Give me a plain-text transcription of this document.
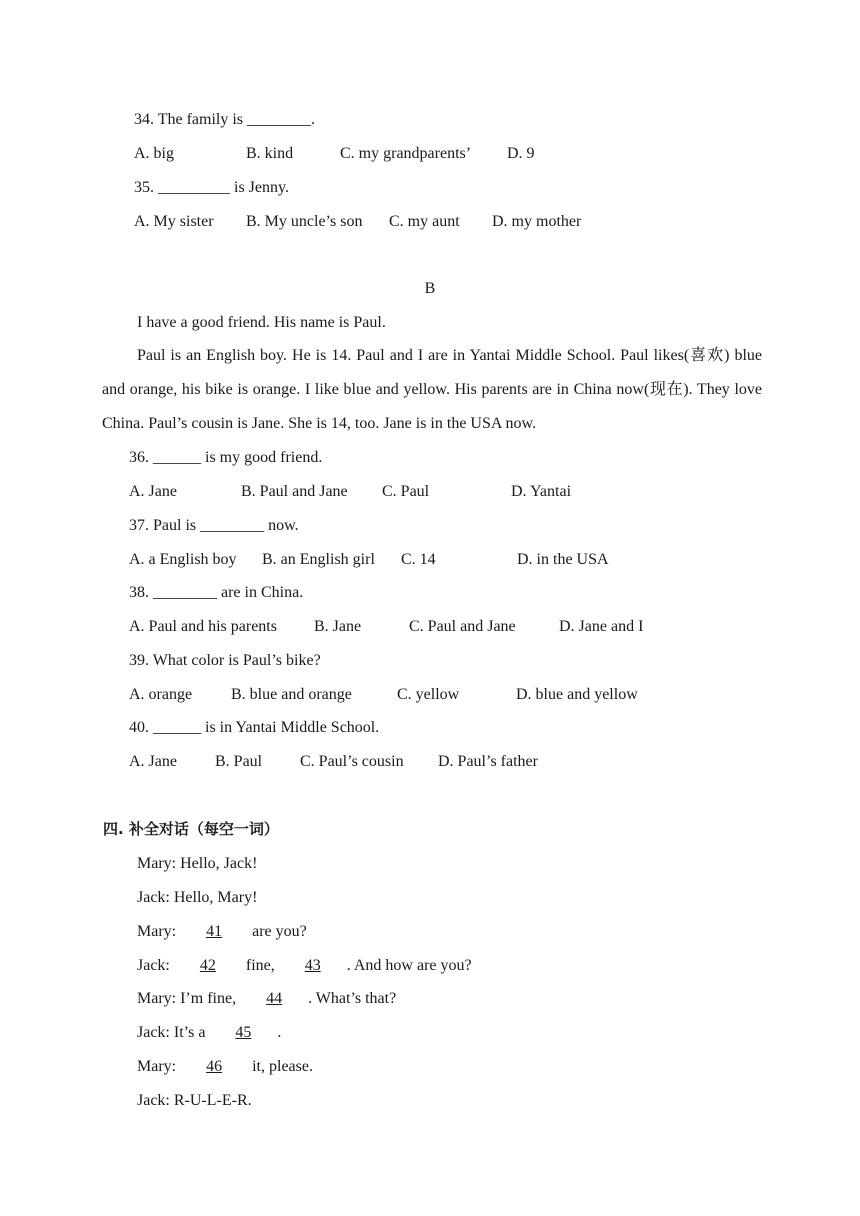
34. The family is ________.
A. big	B. kind	C. my grandparents’ D. 9
35. _________ is Jenny.
A. My sister B. My uncle’s son C. my aunt D. my mother
B
I have a good friend. His name is Paul.
Paul is an English boy. He is 14. Paul and I are in Yantai Middle School. Paul likes(喜欢) blue and orange, his bike is orange. I like blue and yellow. His parents are in China now(现在). They love China. Paul’s cousin is Jane. She is 14, too. Jane is in the USA now.
36. ______ is my good friend.
A. Jane	B. Paul and Jane C. Paul	D. Yantai
37. Paul is ________ now.
A. a English boy B. an English girl C. 14	D. in the USA
38. ________ are in China.
A. Paul and his parents B. Jane	C. Paul and Jane	D. Jane and I
39. What color is Paul’s bike?
A. orange B. blue and orange	C. yellow	D. blue and yellow
40. ______ is in Yantai Middle School.
A. Jane B. Paul C. Paul’s cousin D. Paul’s father
四. 补全对话（每空一词）
Mary: Hello, Jack!
Jack: Hello, Mary!
Mary: 41 are you?
Jack: 42 fine, 43 . And how are you?
Mary: I’m fine, 44 . What’s that?
Jack: It’s a 45 .
Mary: 46 it, please.
Jack: R-U-L-E-R.
